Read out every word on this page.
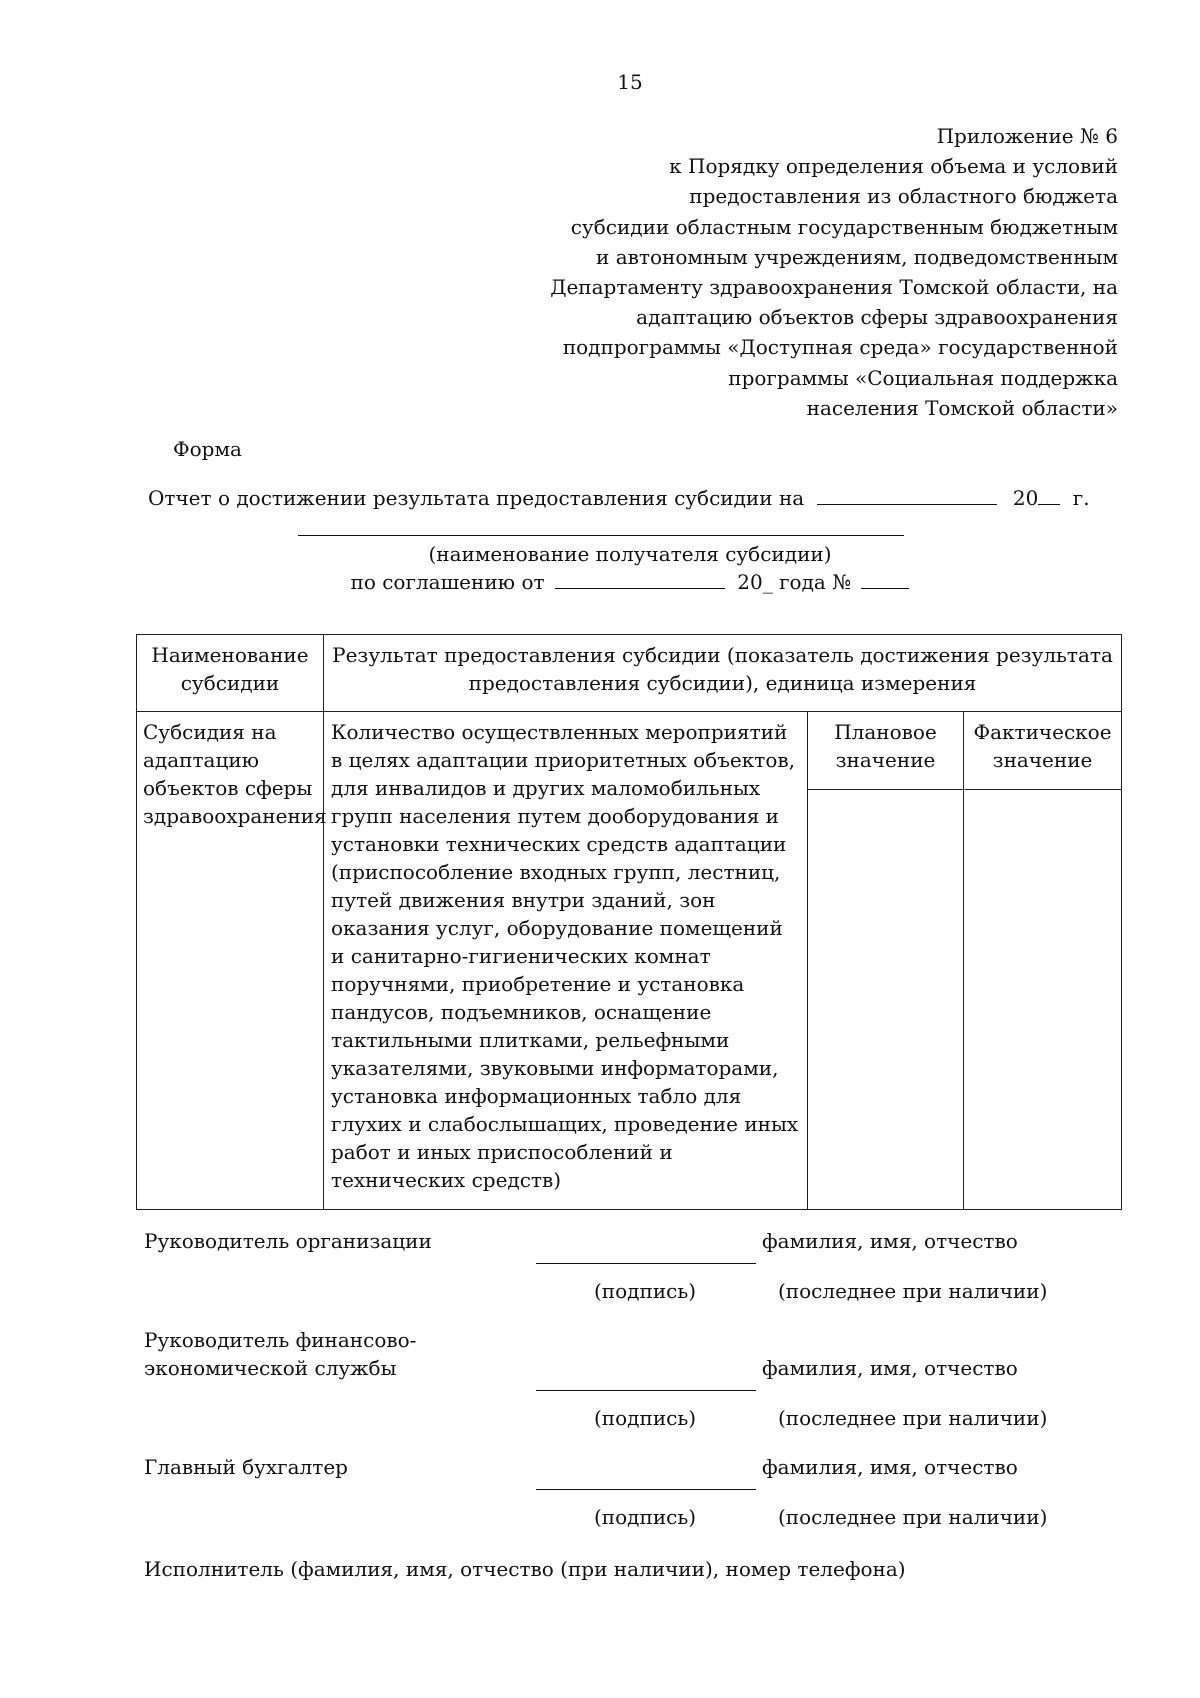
15
Приложение № 6
к Порядку определения объема и условий
предоставления из областного бюджета
субсидии областным государственным бюджетным
и автономным учреждениям, подведомственным
Департаменту здравоохранения Томской области, на
адаптацию объектов сферы здравоохранения
подпрограммы «Доступная среда» государственной
программы «Социальная поддержка
населения Томской области»
Форма
Отчет о достижении результата предоставления субсидии на	20 г.
(наименование получателя субсидии)
по соглашению от	20_ года №
Наименование субсидии	Результат предоставления субсидии (показатель достижения результата предоставления субсидии), единица измерения		
Субсидия на адаптацию объектов сферы здравоохранения	Количество осуществленных мероприятий в целях адаптации приоритетных объектов, для инвалидов и других маломобильных групп населения путем дооборудования и установки технических средств адаптации (приспособление входных групп, лестниц, путей движения внутри зданий, зон оказания услуг, оборудование помещений и санитарно-гигиенических комнат поручнями, приобретение и установка пандусов, подъемников, оснащение тактильными плитками, рельефными указателями, звуковыми информаторами, установка информационных табло для глухих и слабослышащих, проведение иных работ и иных приспособлений и технических средств)	Плановое значение	Фактическое значение

Руководитель организации	фамилия, имя, отчество
(подпись)	(последнее при наличии)
Руководитель финансово-
экономической службы	фамилия, имя, отчество
(подпись)	(последнее при наличии)
Главный бухгалтер	фамилия, имя, отчество
(подпись)	(последнее при наличии)
Исполнитель (фамилия, имя, отчество (при наличии), номер телефона)
